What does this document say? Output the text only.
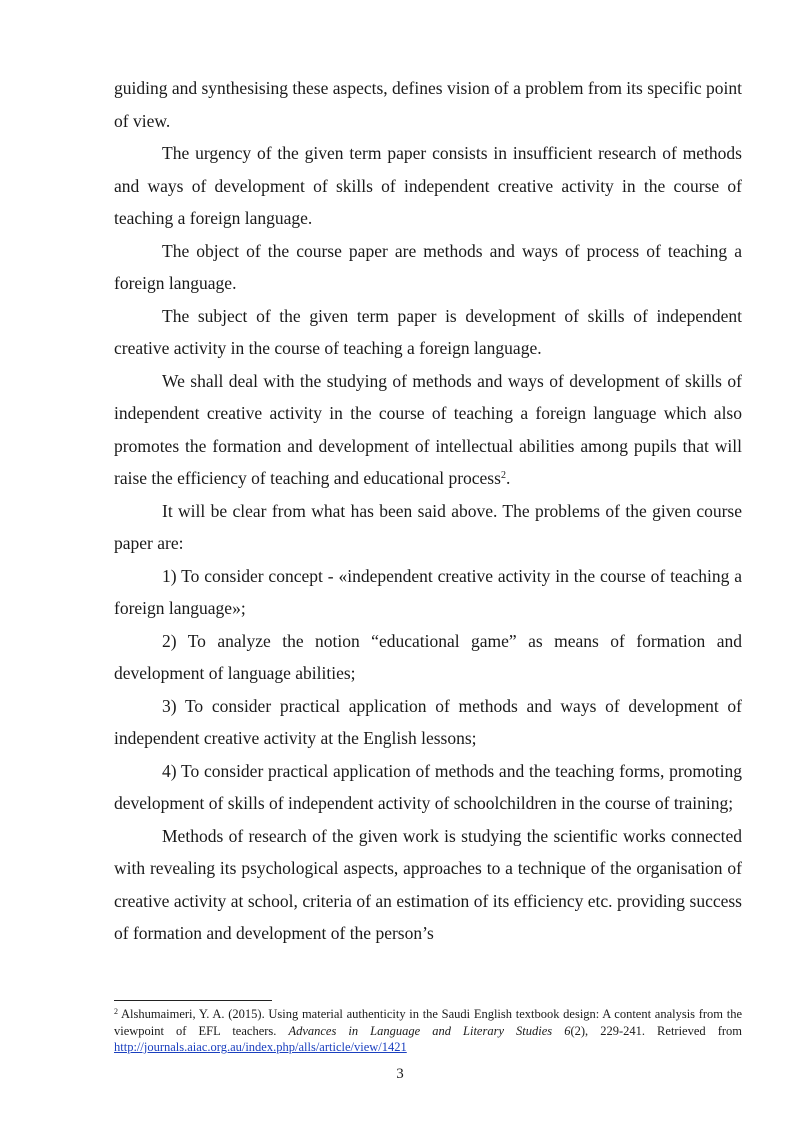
guiding and synthesising these aspects, defines vision of a problem from its specific point of view.

The urgency of the given term paper consists in insufficient research of methods and ways of development of skills of independent creative activity in the course of teaching a foreign language.

The object of the course paper are methods and ways of process of teaching a foreign language.

The subject of the given term paper is development of skills of independent creative activity in the course of teaching a foreign language.

We shall deal with the studying of methods and ways of development of skills of independent creative activity in the course of teaching a foreign language which also promotes the formation and development of intellectual abilities among pupils that will raise the efficiency of teaching and educational process$^2$.

It will be clear from what has been said above. The problems of the given course paper are:

1) To consider concept - «independent creative activity in the course of teaching a foreign language»;

2) To analyze the notion “educational game” as means of formation and development of language abilities;

3) To consider practical application of methods and ways of development of independent creative activity at the English lessons;

4) To consider practical application of methods and the teaching forms, promoting development of skills of independent activity of schoolchildren in the course of training;

Methods of research of the given work is studying the scientific works connected with revealing its psychological aspects, approaches to a technique of the organisation of creative activity at school, criteria of an estimation of its efficiency etc. providing success of formation and development of the person’s

$^2$ Alshumaimeri, Y. A. (2015). Using material authenticity in the Saudi English textbook design: A content analysis from the viewpoint of EFL teachers. Advances in Language and Literary Studies 6(2), 229-241. Retrieved from http://journals.aiac.org.au/index.php/alls/article/view/1421

3
